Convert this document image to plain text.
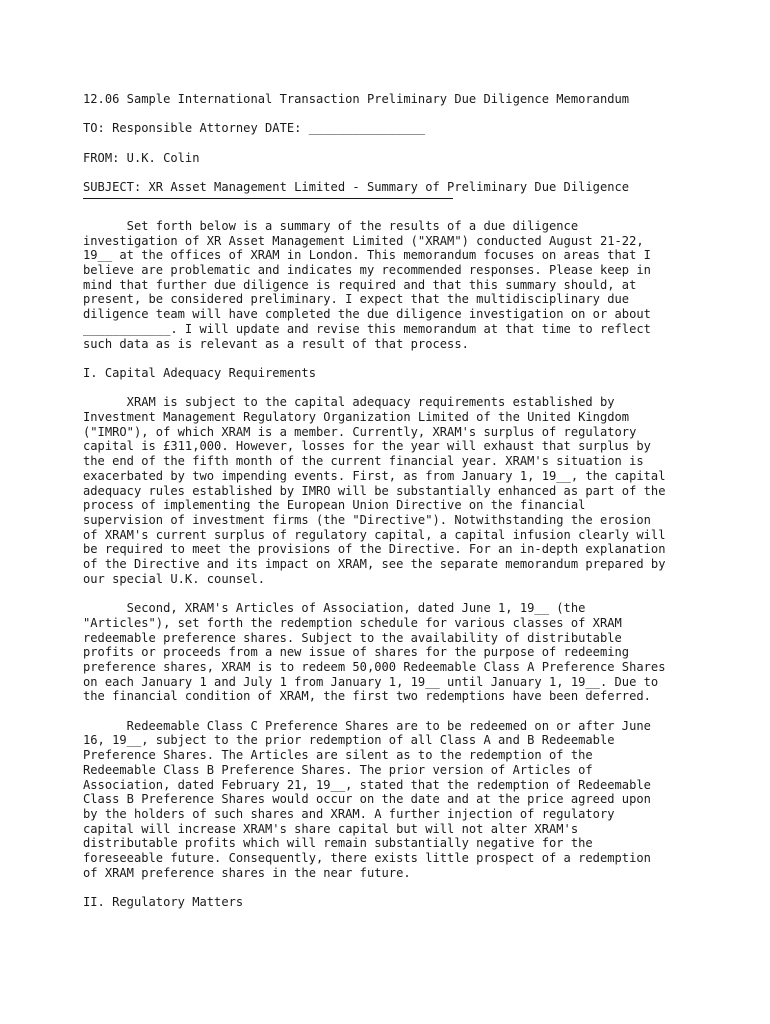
12.06 Sample International Transaction Preliminary Due Diligence Memorandum

TO: Responsible Attorney DATE: ________________

FROM: U.K. Colin

SUBJECT: XR Asset Management Limited - Summary of Preliminary Due Diligence

Set forth below is a summary of the results of a due diligence
investigation of XR Asset Management Limited ("XRAM") conducted August 21-22,
19__ at the offices of XRAM in London. This memorandum focuses on areas that I
believe are problematic and indicates my recommended responses. Please keep in
mind that further due diligence is required and that this summary should, at
present, be considered preliminary. I expect that the multidisciplinary due
diligence team will have completed the due diligence investigation on or about
____________. I will update and revise this memorandum at that time to reflect
such data as is relevant as a result of that process.

I. Capital Adequacy Requirements

XRAM is subject to the capital adequacy requirements established by
Investment Management Regulatory Organization Limited of the United Kingdom
("IMRO"), of which XRAM is a member. Currently, XRAM's surplus of regulatory
capital is £311,000. However, losses for the year will exhaust that surplus by
the end of the fifth month of the current financial year. XRAM's situation is
exacerbated by two impending events. First, as from January 1, 19__, the capital
adequacy rules established by IMRO will be substantially enhanced as part of the
process of implementing the European Union Directive on the financial
supervision of investment firms (the "Directive"). Notwithstanding the erosion
of XRAM's current surplus of regulatory capital, a capital infusion clearly will
be required to meet the provisions of the Directive. For an in-depth explanation
of the Directive and its impact on XRAM, see the separate memorandum prepared by
our special U.K. counsel.

Second, XRAM's Articles of Association, dated June 1, 19__ (the
"Articles"), set forth the redemption schedule for various classes of XRAM
redeemable preference shares. Subject to the availability of distributable
profits or proceeds from a new issue of shares for the purpose of redeeming
preference shares, XRAM is to redeem 50,000 Redeemable Class A Preference Shares
on each January 1 and July 1 from January 1, 19__ until January 1, 19__. Due to
the financial condition of XRAM, the first two redemptions have been deferred.

Redeemable Class C Preference Shares are to be redeemed on or after June
16, 19__, subject to the prior redemption of all Class A and B Redeemable
Preference Shares. The Articles are silent as to the redemption of the
Redeemable Class B Preference Shares. The prior version of Articles of
Association, dated February 21, 19__, stated that the redemption of Redeemable
Class B Preference Shares would occur on the date and at the price agreed upon
by the holders of such shares and XRAM. A further injection of regulatory
capital will increase XRAM's share capital but will not alter XRAM's
distributable profits which will remain substantially negative for the
foreseeable future. Consequently, there exists little prospect of a redemption
of XRAM preference shares in the near future.

II. Regulatory Matters
